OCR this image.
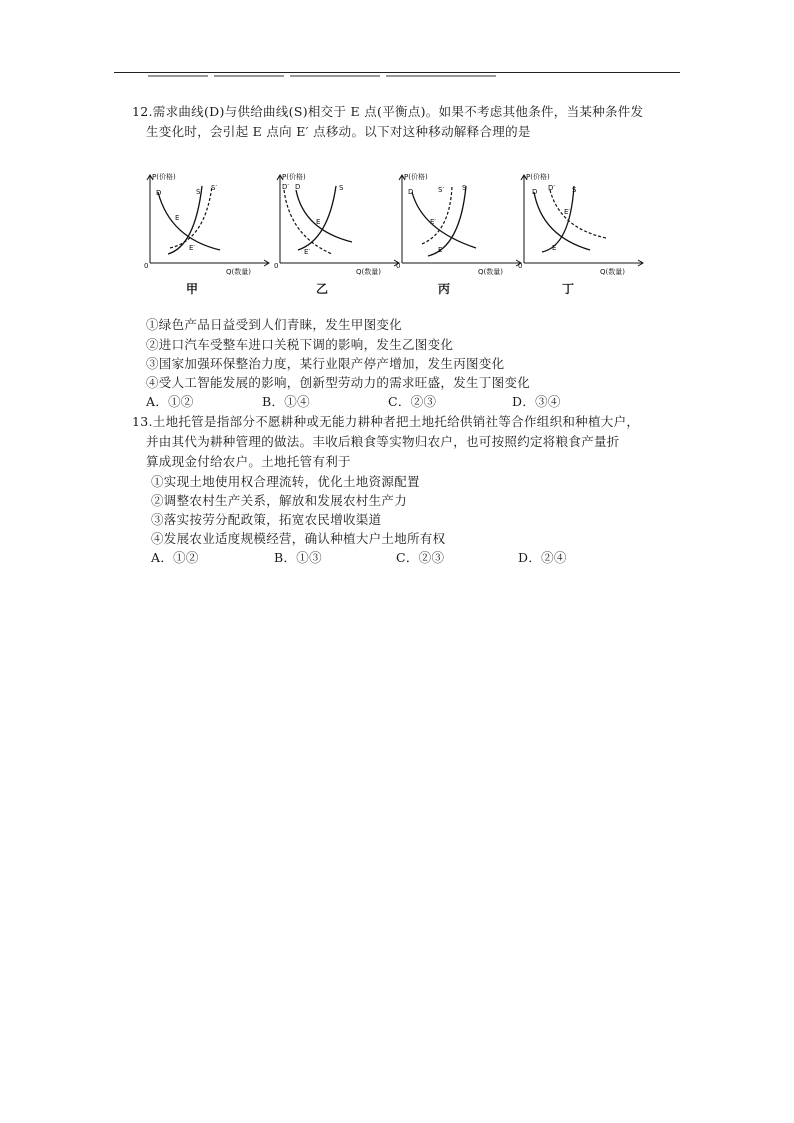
12.需求曲线(D)与供给曲线(S)相交于 E 点(平衡点)。如果不考虑其他条件，当某种条件发
生变化时，会引起 E 点向 E′ 点移动。以下对这种移动解释合理的是
P(价格)
Q(数量)
0
D	S S′
E
E′
甲
P(价格)
Q(数量)
0
D′ D	S
E
E′
乙
P(价格)
Q(数量)
0
D	S′	S
E′
E
丙
P(价格)
Q(数量)
0
D D′ S
E′
E
丁
①绿色产品日益受到人们青睐，发生甲图变化
②进口汽车受整车进口关税下调的影响，发生乙图变化
③国家加强环保整治力度，某行业限产停产增加，发生丙图变化
④受人工智能发展的影响，创新型劳动力的需求旺盛，发生丁图变化
A．①②	B．①④	C．②③	D．③④
13.土地托管是指部分不愿耕种或无能力耕种者把土地托给供销社等合作组织和种植大户，
并由其代为耕种管理的做法。丰收后粮食等实物归农户，也可按照约定将粮食产量折
算成现金付给农户。土地托管有利于
①实现土地使用权合理流转，优化土地资源配置
②调整农村生产关系，解放和发展农村生产力
③落实按劳分配政策，拓宽农民增收渠道
④发展农业适度规模经营，确认种植大户土地所有权
A．①②	B．①③	C．②③	D．②④
